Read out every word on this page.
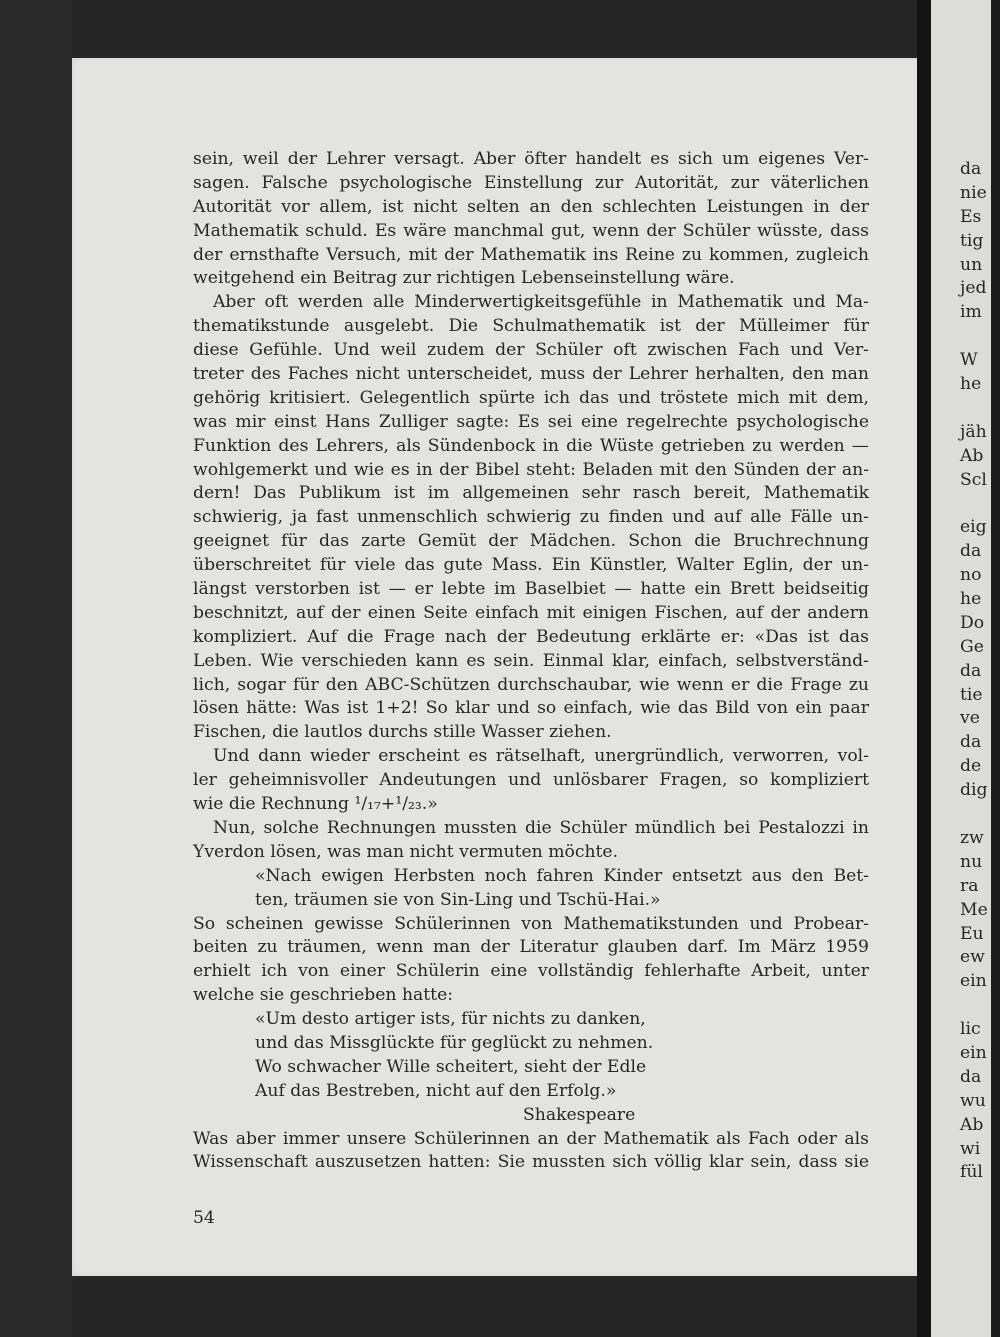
sein, weil der Lehrer versagt. Aber öfter handelt es sich um eigenes Ver-
sagen. Falsche psychologische Einstellung zur Autorität, zur väterlichen
Autorität vor allem, ist nicht selten an den schlechten Leistungen in der
Mathematik schuld. Es wäre manchmal gut, wenn der Schüler wüsste, dass
der ernsthafte Versuch, mit der Mathematik ins Reine zu kommen, zugleich
weitgehend ein Beitrag zur richtigen Lebenseinstellung wäre.
Aber oft werden alle Minderwertigkeitsgefühle in Mathematik und Ma-
thematikstunde ausgelebt. Die Schulmathematik ist der Mülleimer für
diese Gefühle. Und weil zudem der Schüler oft zwischen Fach und Ver-
treter des Faches nicht unterscheidet, muss der Lehrer herhalten, den man
gehörig kritisiert. Gelegentlich spürte ich das und tröstete mich mit dem,
was mir einst Hans Zulliger sagte: Es sei eine regelrechte psychologische
Funktion des Lehrers, als Sündenbock in die Wüste getrieben zu werden —
wohlgemerkt und wie es in der Bibel steht: Beladen mit den Sünden der an-
dern! Das Publikum ist im allgemeinen sehr rasch bereit, Mathematik
schwierig, ja fast unmenschlich schwierig zu finden und auf alle Fälle un-
geeignet für das zarte Gemüt der Mädchen. Schon die Bruchrechnung
überschreitet für viele das gute Mass. Ein Künstler, Walter Eglin, der un-
längst verstorben ist — er lebte im Baselbiet — hatte ein Brett beidseitig
beschnitzt, auf der einen Seite einfach mit einigen Fischen, auf der andern
kompliziert. Auf die Frage nach der Bedeutung erklärte er: «Das ist das
Leben. Wie verschieden kann es sein. Einmal klar, einfach, selbstverständ-
lich, sogar für den ABC-Schützen durchschaubar, wie wenn er die Frage zu
lösen hätte: Was ist 1+2! So klar und so einfach, wie das Bild von ein paar
Fischen, die lautlos durchs stille Wasser ziehen.
Und dann wieder erscheint es rätselhaft, unergründlich, verworren, vol-
ler geheimnisvoller Andeutungen und unlösbarer Fragen, so kompliziert
wie die Rechnung ¹/₁₇+¹/₂₃.»
Nun, solche Rechnungen mussten die Schüler mündlich bei Pestalozzi in
Yverdon lösen, was man nicht vermuten möchte.
«Nach ewigen Herbsten noch fahren Kinder entsetzt aus den Bet-
ten, träumen sie von Sin-Ling und Tschü-Hai.»
So scheinen gewisse Schülerinnen von Mathematikstunden und Probear-
beiten zu träumen, wenn man der Literatur glauben darf. Im März 1959
erhielt ich von einer Schülerin eine vollständig fehlerhafte Arbeit, unter
welche sie geschrieben hatte:
«Um desto artiger ists, für nichts zu danken,
und das Missglückte für geglückt zu nehmen.
Wo schwacher Wille scheitert, sieht der Edle
Auf das Bestreben, nicht auf den Erfolg.»
Shakespeare
Was aber immer unsere Schülerinnen an der Mathematik als Fach oder als
Wissenschaft auszusetzen hatten: Sie mussten sich völlig klar sein, dass sie
54
da
nie
Es
tig
un
jed
im
W
he
jäh
Ab
Scl
eig
da
no
he
Do
Ge
da
tie
ve
da
de
dig
zw
nu
ra
Me
Eu
ew
ein
lic
ein
da
wu
Ab
wi
fül
